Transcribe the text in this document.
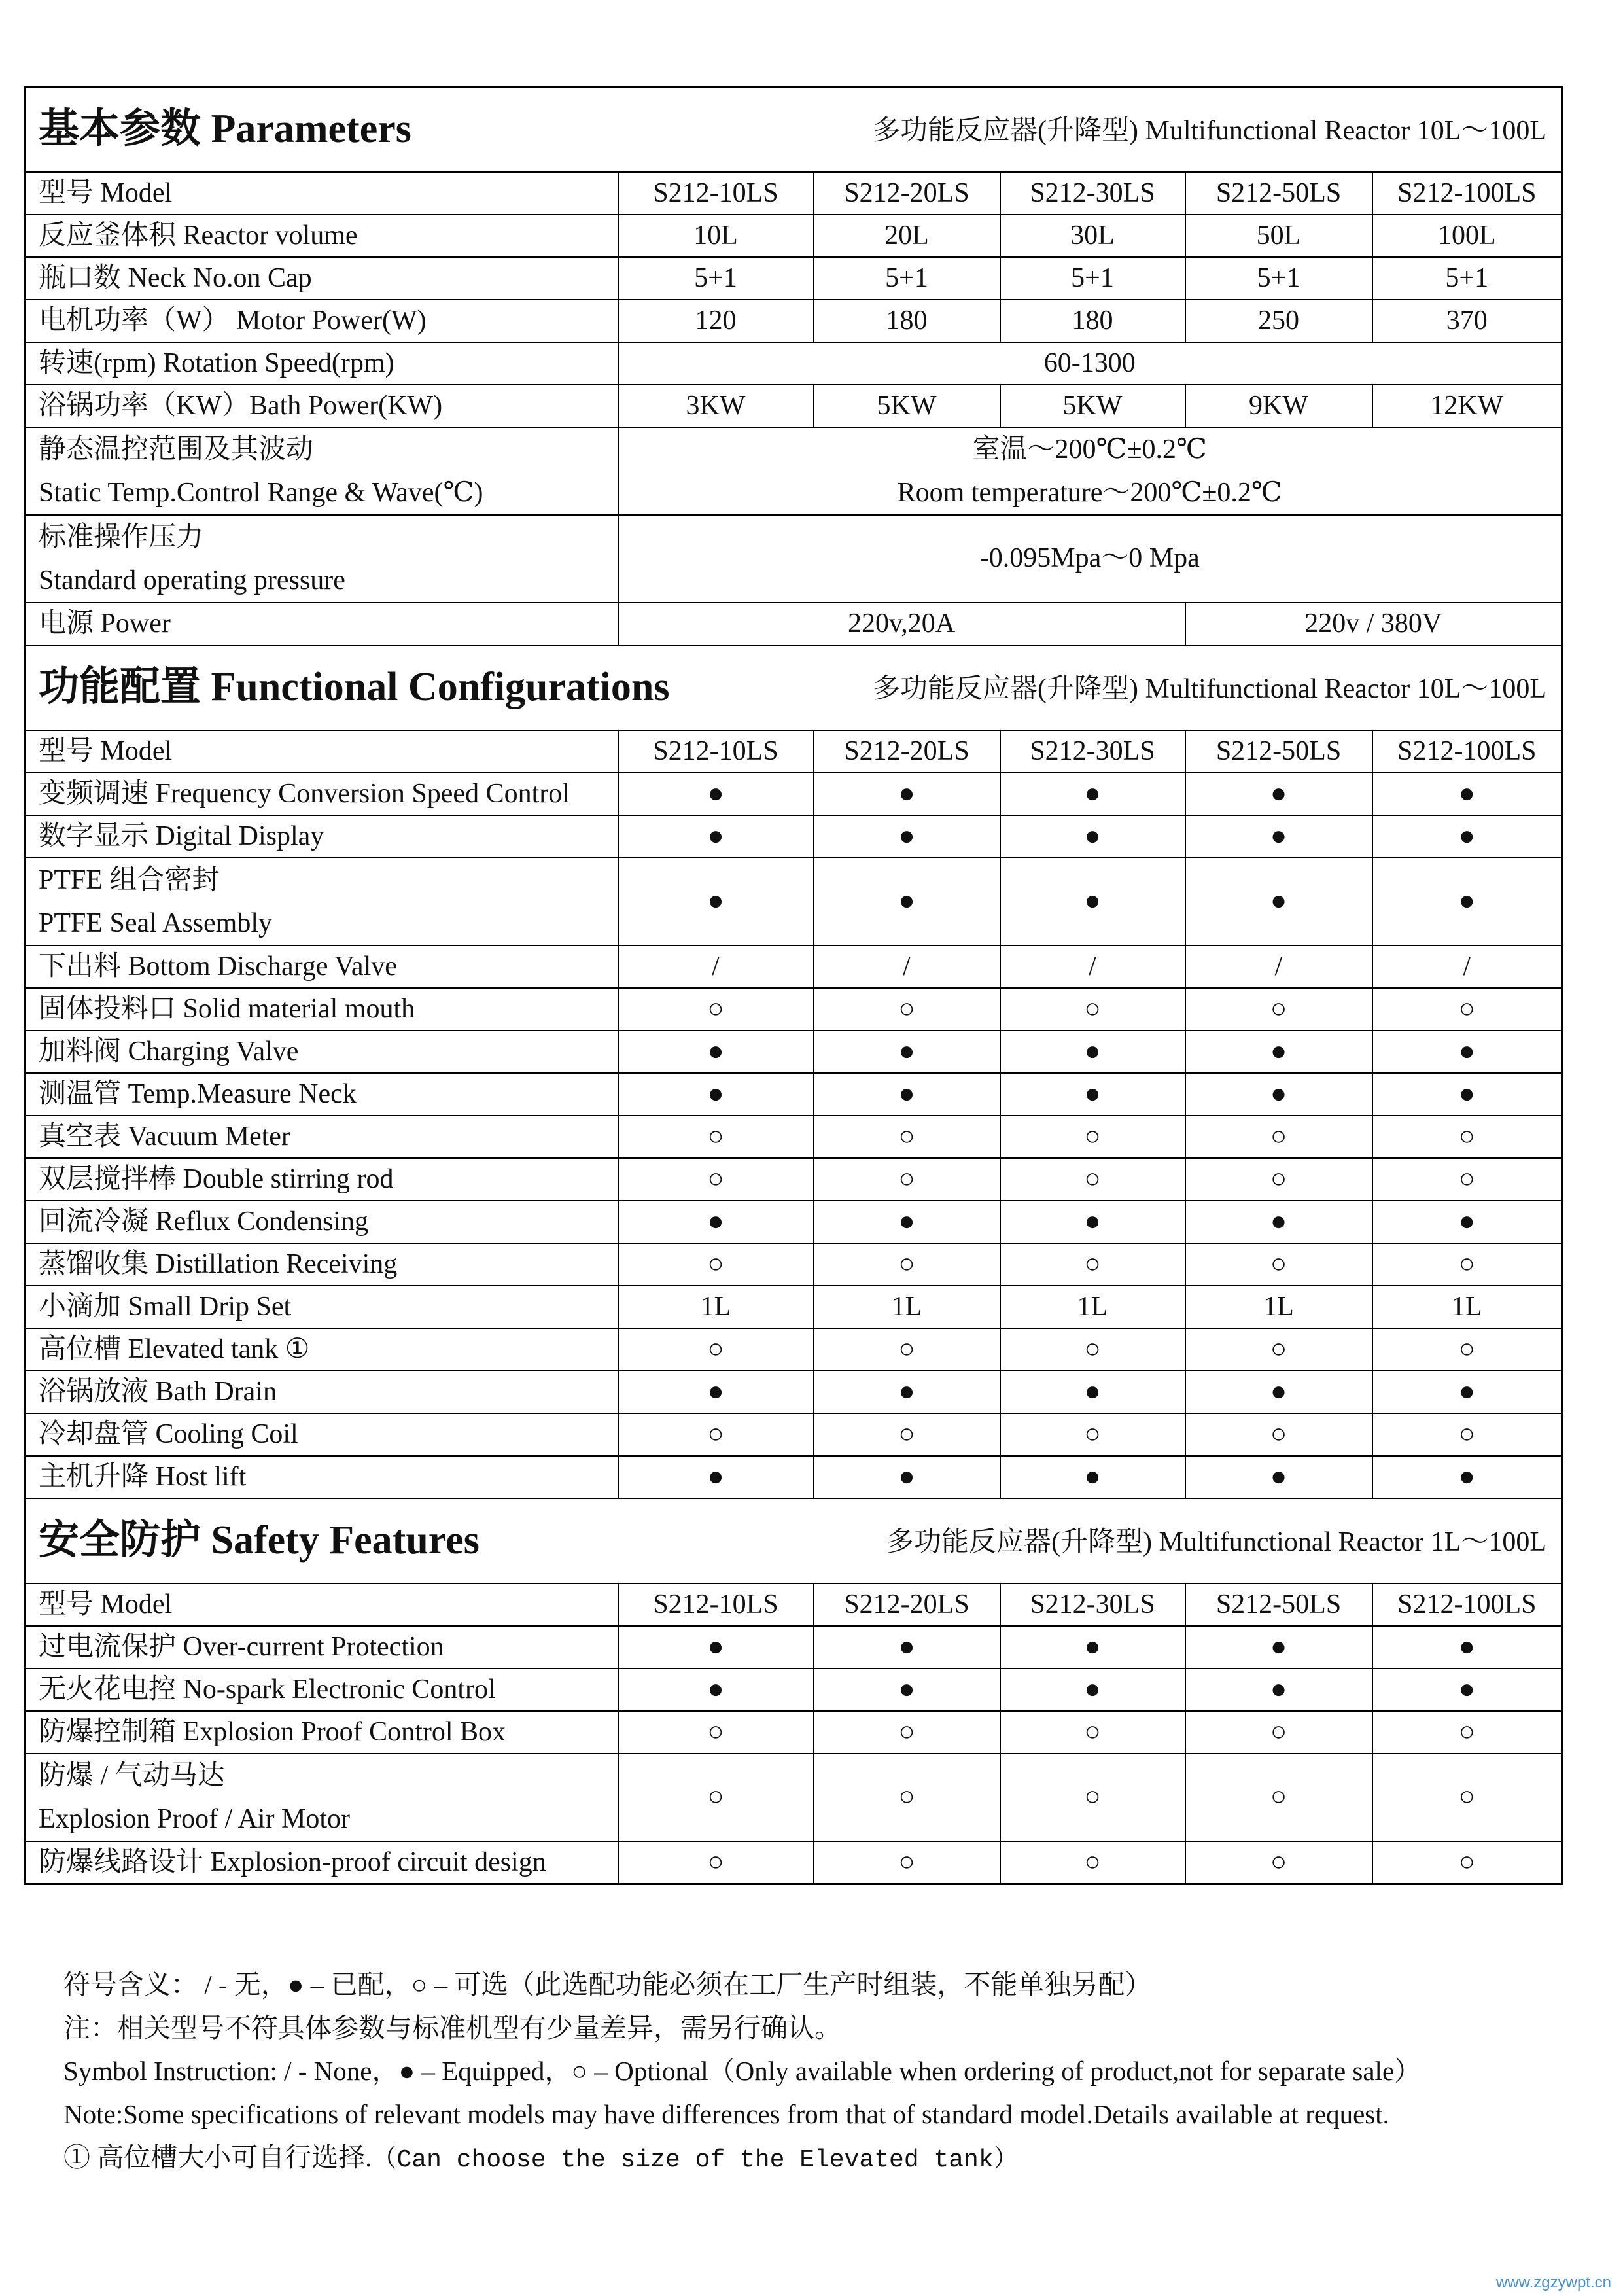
基本参数 Parameters 多功能反应器(升降型) Multifunctional Reactor 10L～100L					

型号 Model	S212-10LS	S212-20LS	S212-30LS	S212-50LS	S212-100LS
反应釜体积 Reactor volume	10L	20L	30L	50L	100L
瓶口数 Neck No.on Cap	5+1	5+1	5+1	5+1	5+1
电机功率（W） Motor Power(W)	120	180	180	250	370
转速(rpm) Rotation Speed(rpm)	60-1300				
浴锅功率（KW）Bath Power(KW)	3KW	5KW	5KW	9KW	12KW

静态温控范围及其波动
Static Temp.Control Range & Wave(℃)	室温～200℃±0.2℃
Room temperature～200℃±0.2℃				

标准操作压力
Standard operating pressure	-0.095Mpa～0 Mpa				
电源 Power	220v,20A			220v / 380V	
功能配置 Functional Configurations 多功能反应器(升降型) Multifunctional Reactor 10L～100L					

型号 Model	S212-10LS	S212-20LS	S212-30LS	S212-50LS	S212-100LS
变频调速 Frequency Conversion Speed Control	●	●	●	●	●
数字显示 Digital Display	●	●	●	●	●

PTFE 组合密封
PTFE Seal Assembly	●	●	●	●	●
下出料 Bottom Discharge Valve	/	/	/	/	/
固体投料口 Solid material mouth	○	○	○	○	○
加料阀 Charging Valve	●	●	●	●	●
测温管 Temp.Measure Neck	●	●	●	●	●
真空表 Vacuum Meter	○	○	○	○	○
双层搅拌棒 Double stirring rod	○	○	○	○	○
回流冷凝 Reflux Condensing	●	●	●	●	●
蒸馏收集 Distillation Receiving	○	○	○	○	○
小滴加 Small Drip Set	1L	1L	1L	1L	1L
高位槽 Elevated tank ①	○	○	○	○	○
浴锅放液 Bath Drain	●	●	●	●	●
冷却盘管 Cooling Coil	○	○	○	○	○
主机升降 Host lift	●	●	●	●	●
安全防护 Safety Features 多功能反应器(升降型) Multifunctional Reactor 1L～100L					

型号 Model	S212-10LS	S212-20LS	S212-30LS	S212-50LS	S212-100LS
过电流保护 Over-current Protection	●	●	●	●	●
无火花电控 No-spark Electronic Control	●	●	●	●	●
防爆控制箱 Explosion Proof Control Box	○	○	○	○	○

防爆 / 气动马达
Explosion Proof / Air Motor	○	○	○	○	○
防爆线路设计 Explosion-proof circuit design	○	○	○	○	○
符号含义： / - 无，● – 已配，○ – 可选（此选配功能必须在工厂生产时组装，不能单独另配）
注：相关型号不符具体参数与标准机型有少量差异，需另行确认。
Symbol Instruction: / - None，● – Equipped，○ – Optional（Only available when ordering of product,not for separate sale）
Note:Some specifications of relevant models may have differences from that of standard model.Details available at request.
① 高位槽大小可自行选择.（Can choose the size of the Elevated tank）
www.zgzywpt.cn
